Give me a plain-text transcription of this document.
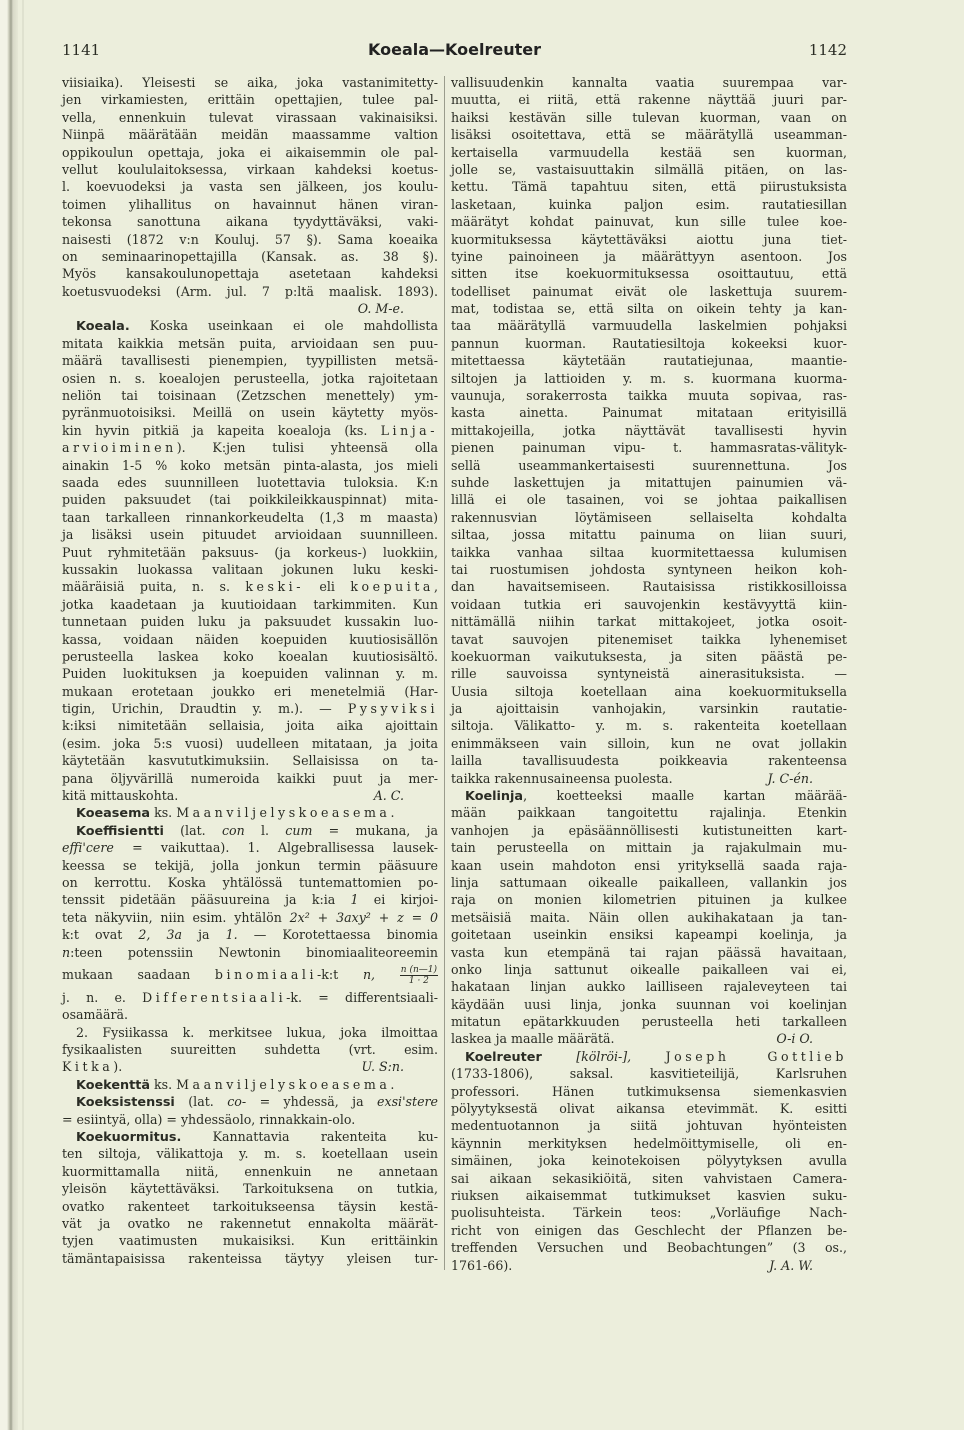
1141	Koeala—Koelreuter	1142
viisiaika). Yleisesti se aika, joka vastanimitetty-
jen virkamiesten, erittäin opettajien, tulee pal-
vella, ennenkuin tulevat virassaan vakinaisiksi.
Niinpä määrätään meidän maassamme valtion
oppikoulun opettaja, joka ei aikaisemmin ole pal-
vellut koululaitoksessa, virkaan kahdeksi koetus-
l. koevuodeksi ja vasta sen jälkeen, jos koulu-
toimen ylihallitus on havainnut hänen viran-
tekonsa sanottuna aikana tyydyttäväksi, vaki-
naisesti (1872 v:n Kouluj. 57 §). Sama koeaika
on seminaarinopettajilla (Kansak. as. 38 §).
Myös kansakoulunopettaja asetetaan kahdeksi
koetusvuodeksi (Arm. jul. 7 p:ltä maalisk. 1893).
O. M-e.
Koeala. Koska useinkaan ei ole mahdollista
mitata kaikkia metsän puita, arvioidaan sen puu-
määrä tavallisesti pienempien, tyypillisten metsä-
osien n. s. koealojen perusteella, jotka rajoitetaan
neliön tai toisinaan (Zetzschen menettely) ym-
pyränmuotoisiksi. Meillä on usein käytetty myös-
kin hyvin pitkiä ja kapeita koealoja (ks. Linja-
arvioiminen). K:jen tulisi yhteensä olla
ainakin 1-5 % koko metsän pinta-alasta, jos mieli
saada edes suunnilleen luotettavia tuloksia. K:n
puiden paksuudet (tai poikkileikkauspinnat) mita-
taan tarkalleen rinnankorkeudelta (1,3 m maasta)
ja lisäksi usein pituudet arvioidaan suunnilleen.
Puut ryhmitetään paksuus- (ja korkeus-) luokkiin,
kussakin luokassa valitaan jokunen luku keski-
määräisiä puita, n. s. keski- eli koepuita,
jotka kaadetaan ja kuutioidaan tarkimmiten. Kun
tunnetaan puiden luku ja paksuudet kussakin luo-
kassa, voidaan näiden koepuiden kuutiosisällön
perusteella laskea koko koealan kuutiosisältö.
Puiden luokituksen ja koepuiden valinnan y. m.
mukaan erotetaan joukko eri menetelmiä (Har-
tigin, Urichin, Draudtin y. m.). — Pysyviksi
k:iksi nimitetään sellaisia, joita aika ajoittain
(esim. joka 5:s vuosi) uudelleen mitataan, ja joita
käytetään kasvututkimuksiin. Sellaisissa on ta-
pana öljyvärillä numeroida kaikki puut ja mer-
kitä mittauskohta.	A. C.
Koeasema ks. Maanviljelyskoeasema.
Koeffisientti (lat. con l. cum = mukana, ja
effi'cere = vaikuttaa). 1. Algebrallisessa lausek-
keessa se tekijä, jolla jonkun termin pääsuure
on kerrottu. Koska yhtälössä tuntemattomien po-
tenssit pidetään pääsuureina ja k:ia 1 ei kirjoi-
teta näkyviin, niin esim. yhtälön 2x² + 3axy² + z = 0
k:t ovat 2, 3a ja 1. — Korotettaessa binomia
n:teen potenssiin Newtonin binomiaaliteoreemin
mukaan saadaan binomiaali-k:t n,	$\frac{n (n—1)}{1 \cdot 2}$
j. n. e. Differentsiaali-k. = differentsiaali-
osamäärä.
2. Fysiikassa k. merkitsee lukua, joka ilmoittaa
fysikaalisten suureitten suhdetta (vrt. esim.
Kitka).	U. S:n.
Koekenttä ks. Maanviljelyskoeasema.
Koeksistenssi (lat. co- = yhdessä, ja exsi'stere
= esiintyä, olla) = yhdessäolo, rinnakkain-olo.
Koekuormitus. Kannattavia rakenteita ku-
ten siltoja, välikattoja y. m. s. koetellaan usein
kuormittamalla niitä, ennenkuin ne annetaan
yleisön käytettäväksi. Tarkoituksena on tutkia,
ovatko rakenteet tarkoitukseensa täysin kestä-
vät ja ovatko ne rakennetut ennakolta määrät-
tyjen vaatimusten mukaisiksi. Kun erittäinkin
tämäntapaisissa rakenteissa täytyy yleisen tur-
vallisuudenkin kannalta vaatia suurempaa var-
muutta, ei riitä, että rakenne näyttää juuri par-
haiksi kestävän sille tulevan kuorman, vaan on
lisäksi osoitettava, että se määrätyllä useamman-
kertaisella varmuudella kestää sen kuorman,
jolle se, vastaisuuttakin silmällä pitäen, on las-
kettu. Tämä tapahtuu siten, että piirustuksista
lasketaan, kuinka paljon esim. rautatiesillan
määrätyt kohdat painuvat, kun sille tulee koe-
kuormituksessa käytettäväksi aiottu juna tiet-
tyine painoineen ja määrättyyn asentoon. Jos
sitten itse koekuormituksessa osoittautuu, että
todelliset painumat eivät ole laskettuja suurem-
mat, todistaa se, että silta on oikein tehty ja kan-
taa määrätyllä varmuudella laskelmien pohjaksi
pannun kuorman. Rautatiesiltoja kokeeksi kuor-
mitettaessa käytetään rautatiejunaa, maantie-
siltojen ja lattioiden y. m. s. kuormana kuorma-
vaunuja, sorakerrosta taikka muuta sopivaa, ras-
kasta ainetta. Painumat mitataan erityisillä
mittakojeilla, jotka näyttävät tavallisesti hyvin
pienen painuman vipu- t. hammasratas-välityk-
sellä useammankertaisesti suurennettuna. Jos
suhde laskettujen ja mitattujen painumien vä-
lillä ei ole tasainen, voi se johtaa paikallisen
rakennusvian löytämiseen sellaiselta kohdalta
siltaa, jossa mitattu painuma on liian suuri,
taikka vanhaa siltaa kuormitettaessa kulumisen
tai ruostumisen johdosta syntyneen heikon koh-
dan havaitsemiseen. Rautaisissa ristikkosilloissa
voidaan tutkia eri sauvojenkin kestävyyttä kiin-
nittämällä niihin tarkat mittakojeet, jotka osoit-
tavat sauvojen pitenemiset taikka lyhenemiset
koekuorman vaikutuksesta, ja siten päästä pe-
rille sauvoissa syntyneistä ainerasituksista. —
Uusia siltoja koetellaan aina koekuormituksella
ja ajoittaisin vanhojakin, varsinkin rautatie-
siltoja. Välikatto- y. m. s. rakenteita koetellaan
enimmäkseen vain silloin, kun ne ovat jollakin
lailla tavallisuudesta poikkeavia rakenteensa
taikka rakennusaineensa puolesta.	J. C-én.
Koelinja, koetteeksi maalle kartan määrää-
mään paikkaan tangoitettu rajalinja. Etenkin
vanhojen ja epäsäännöllisesti kutistuneitten kart-
tain perusteella on mittain ja rajakulmain mu-
kaan usein mahdoton ensi yrityksellä saada raja-
linja sattumaan oikealle paikalleen, vallankin jos
raja on monien kilometrien pituinen ja kulkee
metsäisiä maita. Näin ollen aukihakataan ja tan-
goitetaan useinkin ensiksi kapeampi koelinja, ja
vasta kun etempänä tai rajan päässä havaitaan,
onko linja sattunut oikealle paikalleen vai ei,
hakataan linjan aukko lailliseen rajaleveyteen tai
käydään uusi linja, jonka suunnan voi koelinjan
mitatun epätarkkuuden perusteella heti tarkalleen
laskea ja maalle määrätä.	O-i O.
Koelreuter	[kölröi-],	Joseph Gottlieb
(1733-1806), saksal. kasvitieteilijä, Karlsruhen
professori. Hänen tutkimuksensa siemenkasvien
pölyytyksestä olivat aikansa etevimmät. K. esitti
medentuotannon ja siitä johtuvan hyönteisten
käynnin merkityksen hedelmöittymiselle, oli en-
simäinen, joka keinotekoisen pölyytyksen avulla
sai aikaan sekasikiöitä, siten vahvistaen Camera-
riuksen aikaisemmat tutkimukset kasvien suku-
puolisuhteista. Tärkein teos: „Vorläufige Nach-
richt von einigen das Geschlecht der Pflanzen be-
treffenden Versuchen und Beobachtungen” (3 os.,
1761-66).	J. A. W.
